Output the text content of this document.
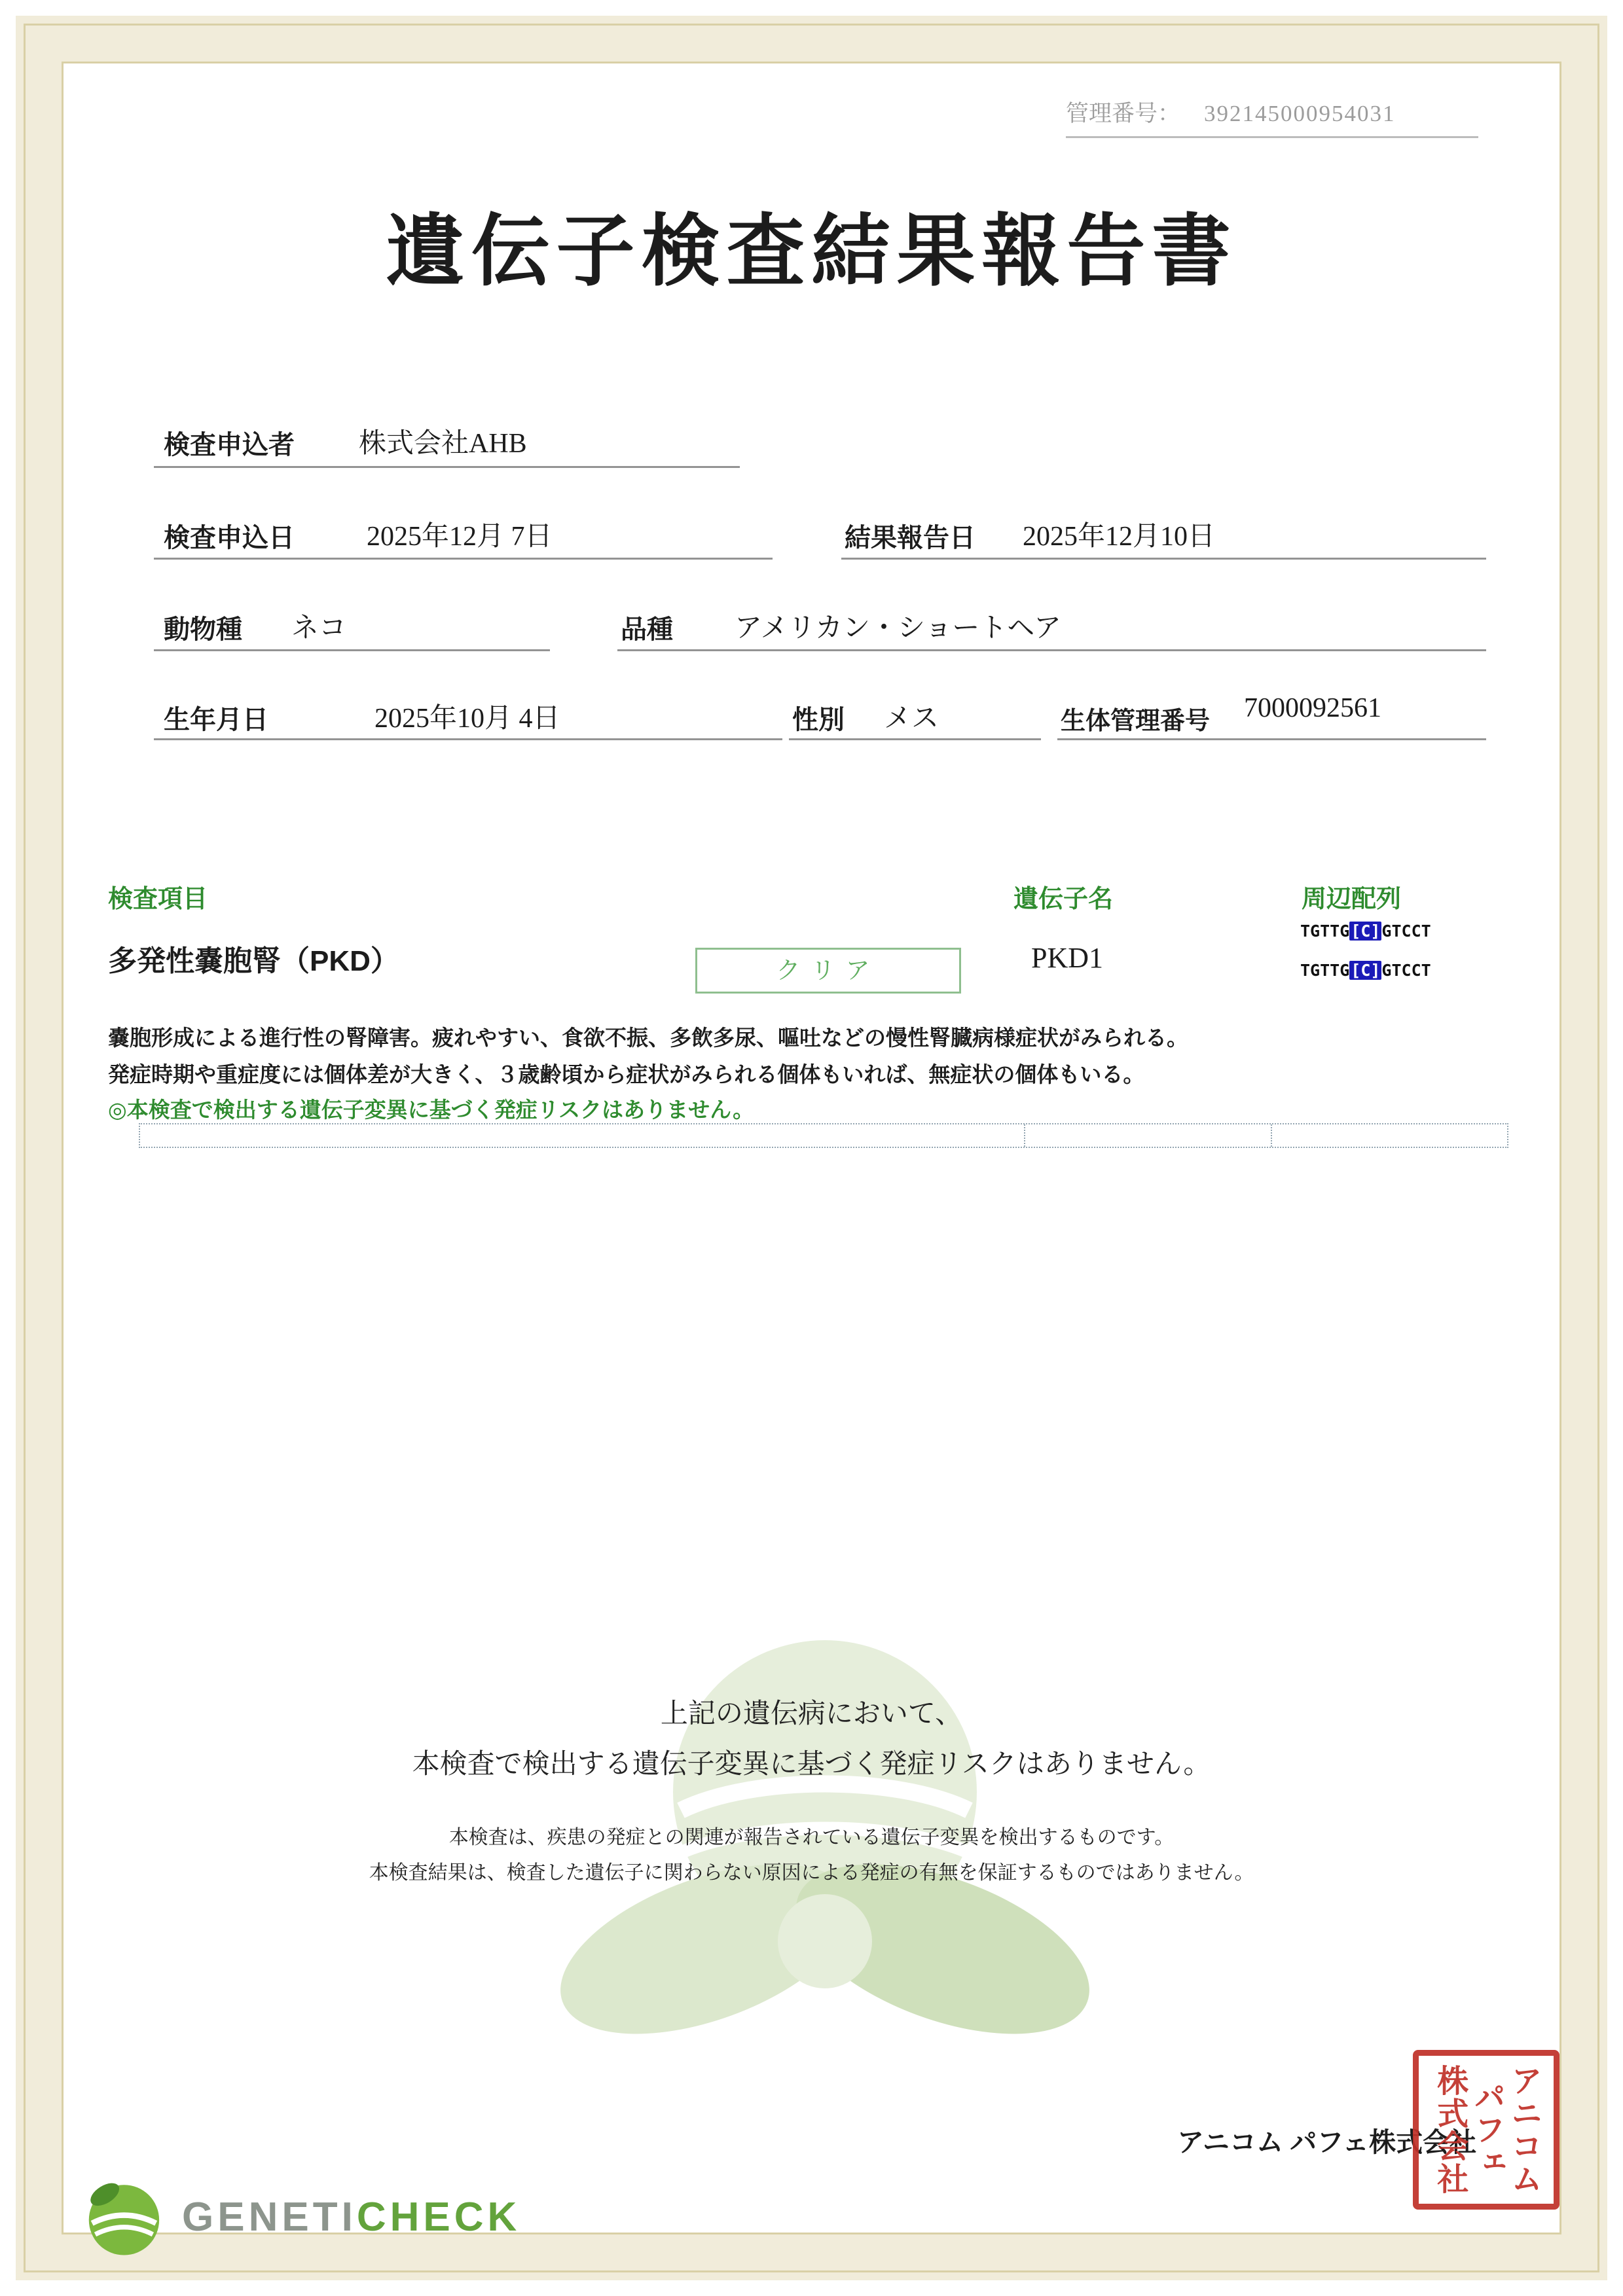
管理番号： 392145000954031
遺伝子検査結果報告書
検査申込者 株式会社AHB
検査申込日	2025年12月 7日	結果報告日 2025年12月10日
動物種 ネコ	品種 アメリカン・ショートヘア
生年月日	2025年10月 4日	性別 メス	生体管理番号 7000092561
検査項目	遺伝子名	周辺配列
多発性嚢胞腎（PKD）	クリア	PKD1
TGTTG[C]GTCCT
TGTTG[C]GTCCT
嚢胞形成による進行性の腎障害。疲れやすい、食欲不振、多飲多尿、嘔吐などの慢性腎臓病様症状がみられる。
発症時期や重症度には個体差が大きく、３歳齢頃から症状がみられる個体もいれば、無症状の個体もいる。
◎本検査で検出する遺伝子変異に基づく発症リスクはありません。
上記の遺伝病において、
本検査で検出する遺伝子変異に基づく発症リスクはありません。
本検査は、疾患の発症との関連が報告されている遺伝子変異を検出するものです。
本検査結果は、検査した遺伝子に関わらない原因による発症の有無を保証するものではありません。
GENETICHECK
アニコム パフェ株式会社 アニコム
パフェ
株式会社
